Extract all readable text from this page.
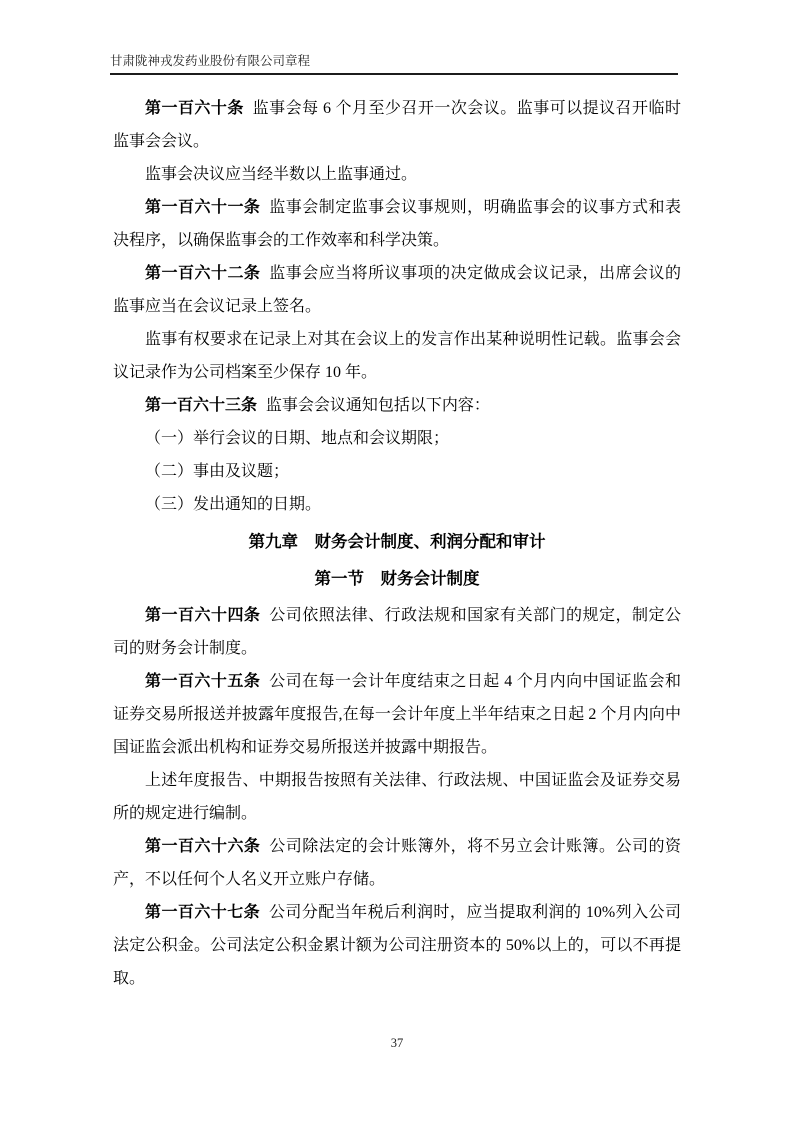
甘肃陇神戎发药业股份有限公司章程

第一百六十条 监事会每 6 个月至少召开一次会议。监事可以提议召开临时监事会会议。

监事会决议应当经半数以上监事通过。

第一百六十一条 监事会制定监事会议事规则，明确监事会的议事方式和表决程序，以确保监事会的工作效率和科学决策。

第一百六十二条 监事会应当将所议事项的决定做成会议记录，出席会议的监事应当在会议记录上签名。

监事有权要求在记录上对其在会议上的发言作出某种说明性记载。监事会会议记录作为公司档案至少保存 10 年。

第一百六十三条 监事会会议通知包括以下内容：

（一）举行会议的日期、地点和会议期限；

（二）事由及议题；

（三）发出通知的日期。

第九章　财务会计制度、利润分配和审计
第一节　财务会计制度

第一百六十四条 公司依照法律、行政法规和国家有关部门的规定，制定公司的财务会计制度。

第一百六十五条 公司在每一会计年度结束之日起 4 个月内向中国证监会和证券交易所报送并披露年度报告,在每一会计年度上半年结束之日起 2 个月内向中国证监会派出机构和证券交易所报送并披露中期报告。

上述年度报告、中期报告按照有关法律、行政法规、中国证监会及证券交易所的规定进行编制。

第一百六十六条 公司除法定的会计账簿外，将不另立会计账簿。公司的资产，不以任何个人名义开立账户存储。

第一百六十七条 公司分配当年税后利润时，应当提取利润的 10%列入公司法定公积金。公司法定公积金累计额为公司注册资本的 50%以上的，可以不再提取。

37
